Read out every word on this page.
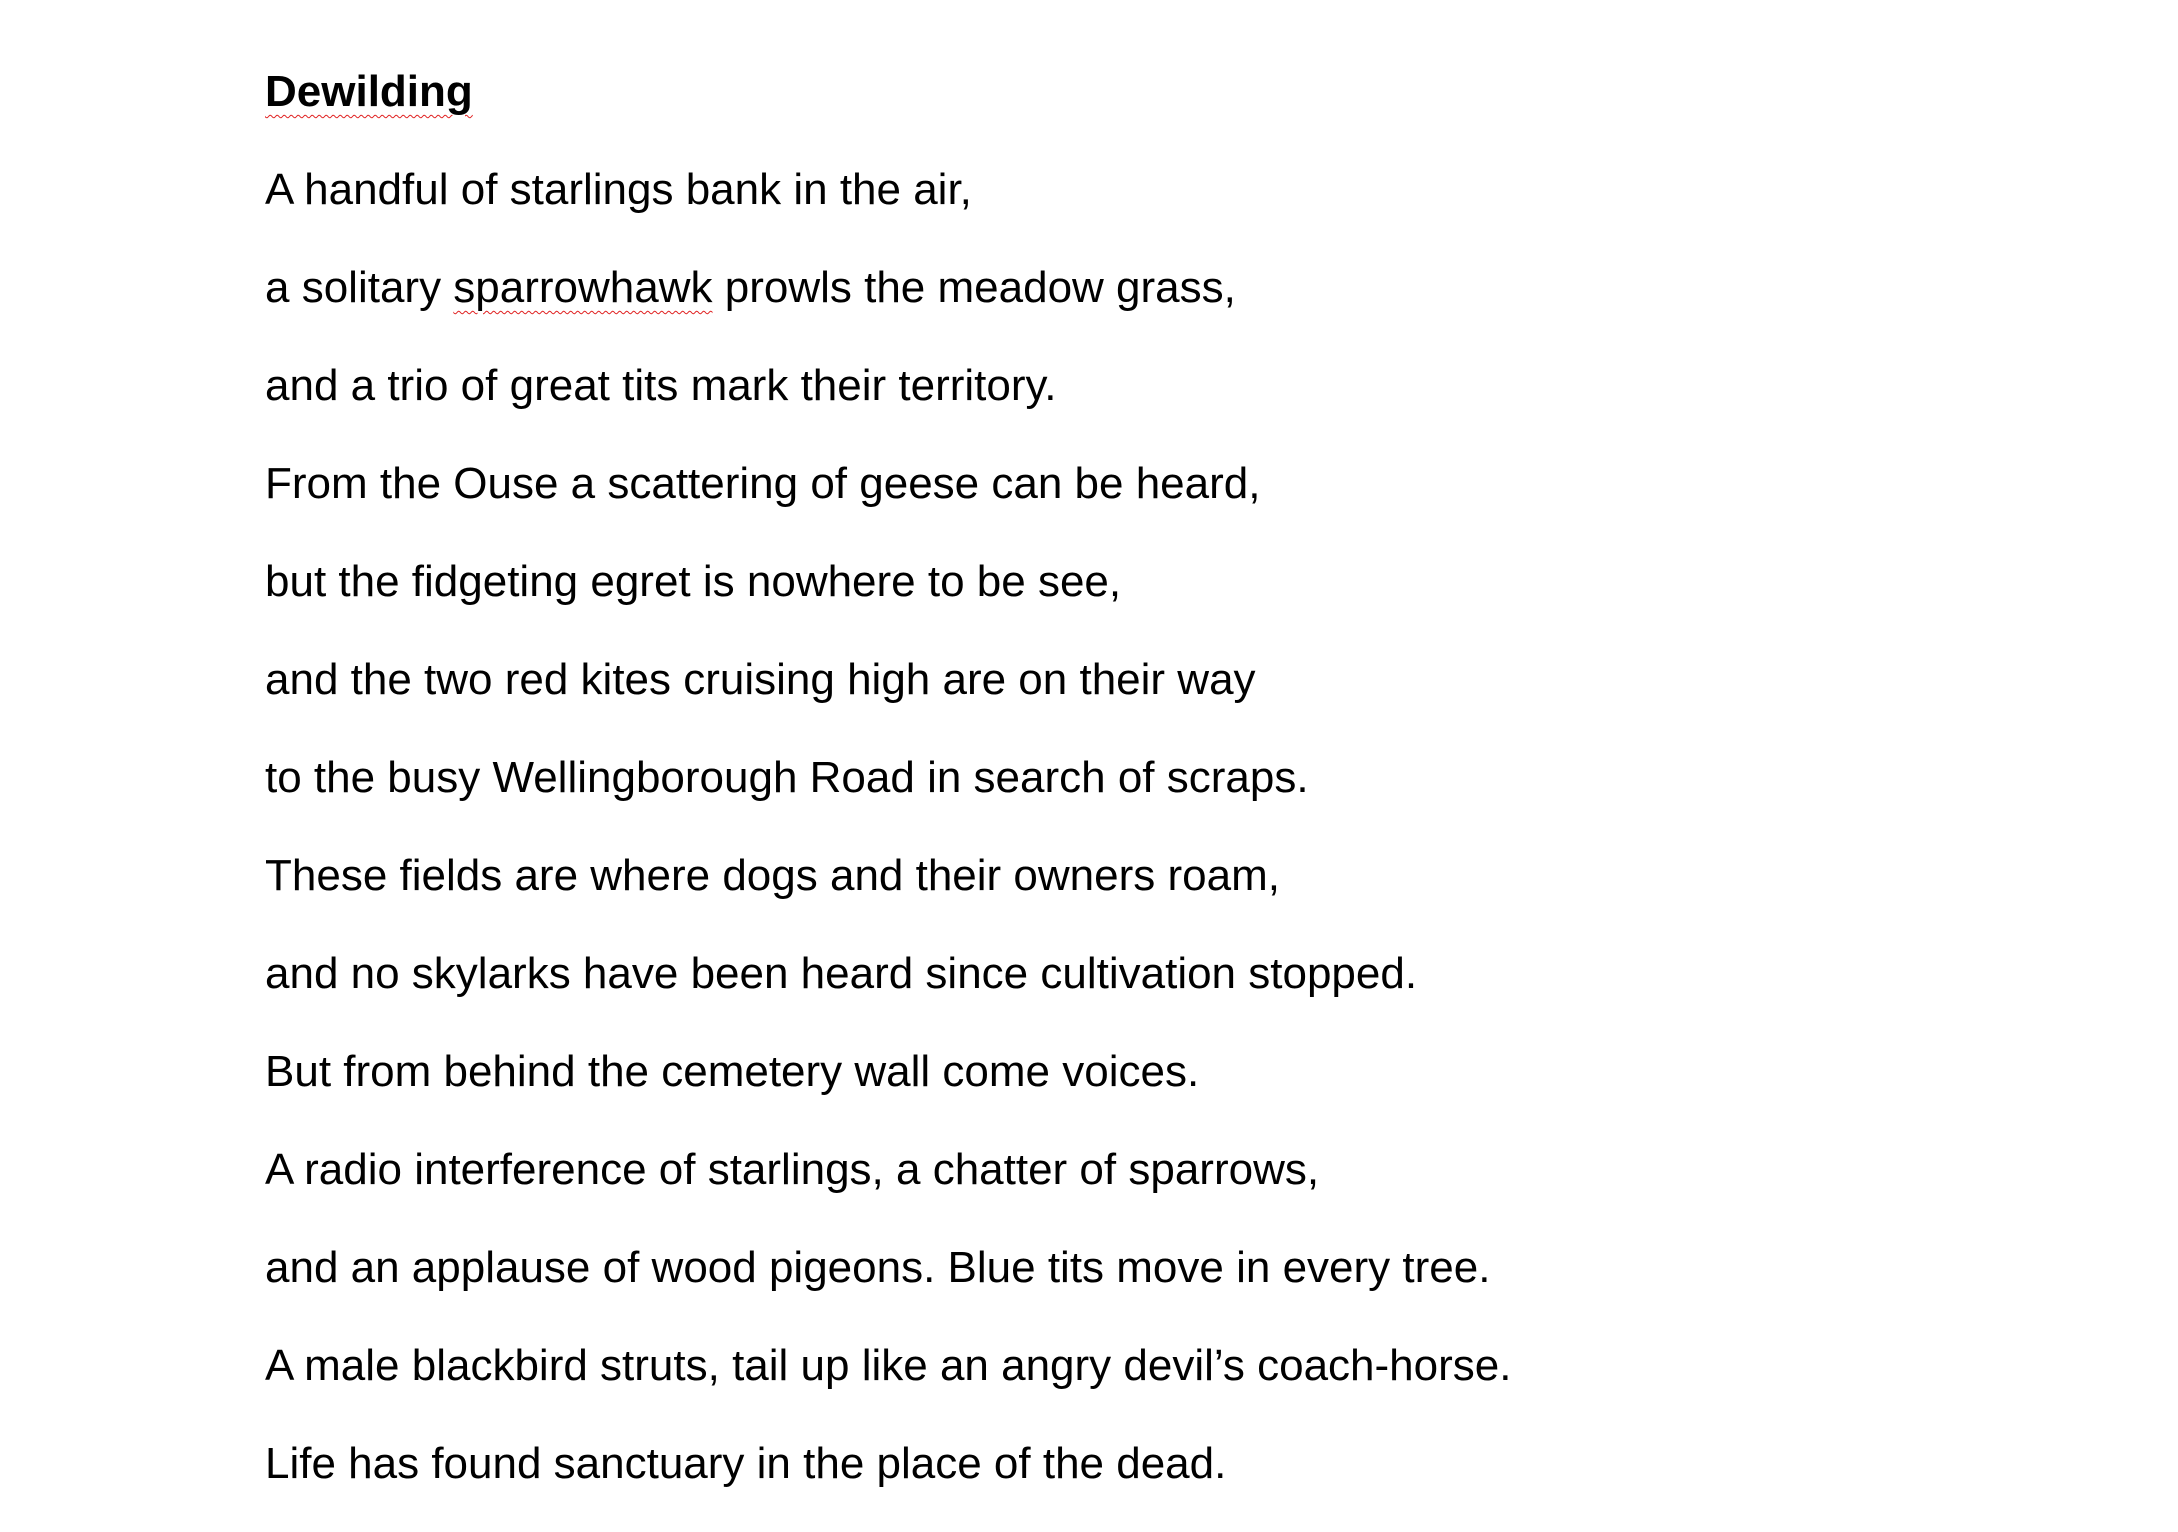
Dewilding
A handful of starlings bank in the air,
a solitary sparrowhawk prowls the meadow grass,
and a trio of great tits mark their territory.
From the Ouse a scattering of geese can be heard,
but the fidgeting egret is nowhere to be see,
and the two red kites cruising high are on their way
to the busy Wellingborough Road in search of scraps.
These fields are where dogs and their owners roam,
and no skylarks have been heard since cultivation stopped.
But from behind the cemetery wall come voices.
A radio interference of starlings, a chatter of sparrows,
and an applause of wood pigeons. Blue tits move in every tree.
A male blackbird struts, tail up like an angry devil’s coach-horse.
Life has found sanctuary in the place of the dead.
